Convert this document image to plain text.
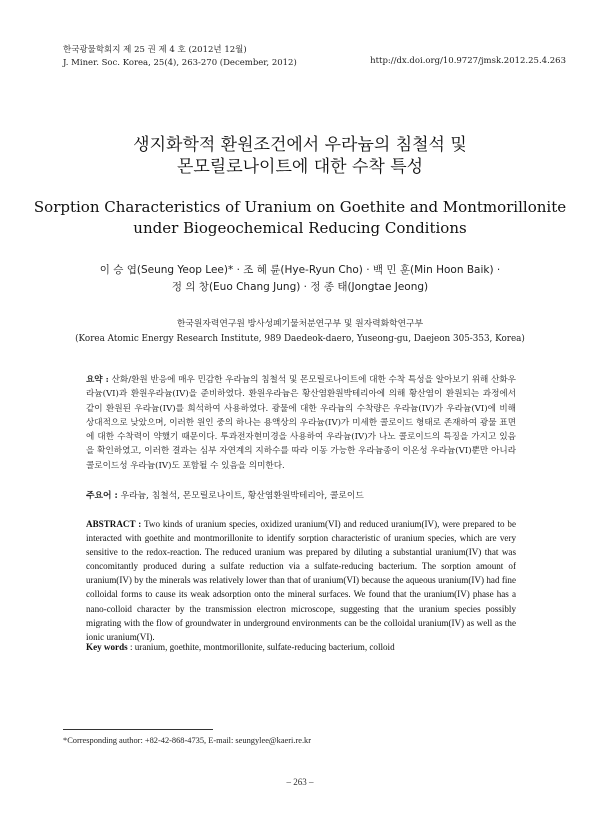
한국광물학회지 제 25 권 제 4 호 (2012년 12월)
J. Miner. Soc. Korea, 25(4), 263-270 (December, 2012)	http://dx.doi.org/10.9727/jmsk.2012.25.4.263
생지화학적 환원조건에서 우라늄의 침철석 및
몬모릴로나이트에 대한 수착 특성
Sorption Characteristics of Uranium on Goethite and Montmorillonite
under Biogeochemical Reducing Conditions
이 승 엽(Seung Yeop Lee)* · 조 혜 륜(Hye-Ryun Cho) · 백 민 훈(Min Hoon Baik) ·
정 의 창(Euo Chang Jung) · 정 종 태(Jongtae Jeong)
한국원자력연구원 방사성폐기물처분연구부 및 원자력화학연구부
(Korea Atomic Energy Research Institute, 989 Daedeok-daero, Yuseong-gu, Daejeon 305-353, Korea)
요약 : 산화/환원 반응에 매우 민감한 우라늄의 침철석 및 몬모릴로나이트에 대한 수착 특성을 알아보기 위해 산화우라늄(VI)과 환원우라늄(IV)을 준비하였다. 환원우라늄은 황산염환원박테리아에 의해 황산염이 환원되는 과정에서 같이 환원된 우라늄(IV)를 희석하여 사용하였다. 광물에 대한 우라늄의 수착량은 우라늄(IV)가 우라늄(VI)에 비해 상대적으로 낮았으며, 이러한 원인 중의 하나는 용액상의 우라늄(IV)가 미세한 콜로이드 형태로 존재하여 광물 표면에 대한 수착력이 약했기 때문이다. 투과전자현미경을 사용하여 우라늄(IV)가 나노 콜로이드의 특징을 가지고 있음을 확인하였고, 이러한 결과는 심부 자연계의 지하수를 따라 이동 가능한 우라늄종이 이온성 우라늄(VI)뿐만 아니라 콜로이드성 우라늄(IV)도 포함될 수 있음을 의미한다.
주요어 : 우라늄, 침철석, 몬모릴로나이트, 황산염환원박테리아, 콜로이드
ABSTRACT : Two kinds of uranium species, oxidized uranium(VI) and reduced uranium(IV), were prepared to be interacted with goethite and montmorillonite to identify sorption characteristic of uranium species, which are very sensitive to the redox-reaction. The reduced uranium was prepared by diluting a substantial uranium(IV) that was concomitantly produced during a sulfate reduction via a sulfate-reducing bacterium. The sorption amount of uranium(IV) by the minerals was relatively lower than that of uranium(VI) because the aqueous uranium(IV) had fine colloidal forms to cause its weak adsorption onto the mineral surfaces. We found that the uranium(IV) phase has a nano-colloid character by the transmission electron microscope, suggesting that the uranium species possibly migrating with the flow of groundwater in underground environments can be the colloidal uranium(IV) as well as the ionic uranium(VI).
Key words : uranium, goethite, montmorillonite, sulfate-reducing bacterium, colloid
*Corresponding author: +82-42-868-4735, E-mail: seungylee@kaeri.re.kr
– 263 –
